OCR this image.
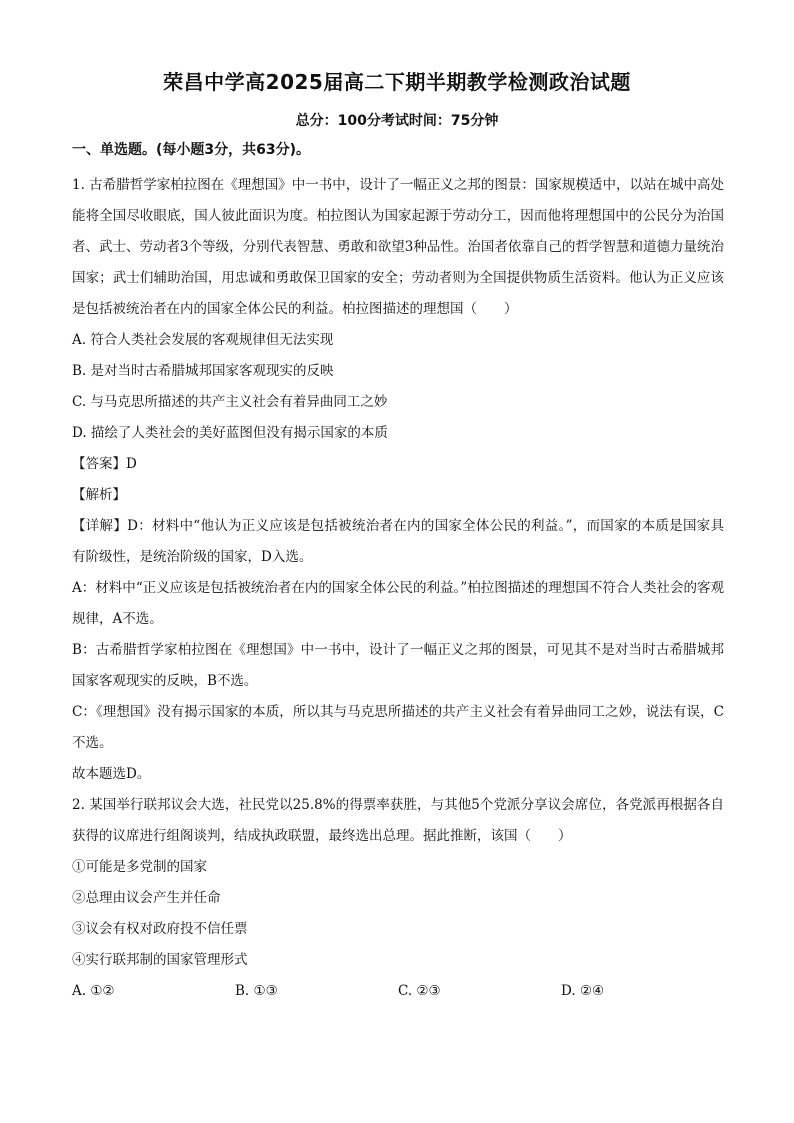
荣昌中学高2025届高二下期半期教学检测政治试题
总分：100分考试时间：75分钟
一、单选题。(每小题3分，共63分)。

1. 古希腊哲学家柏拉图在《理想国》中一书中，设计了一幅正义之邦的图景：国家规模适中，以站在城中高处能将全国尽收眼底，国人彼此面识为度。柏拉图认为国家起源于劳动分工，因而他将理想国中的公民分为治国者、武士、劳动者3个等级，分别代表智慧、勇敢和欲望3种品性。治国者依靠自己的哲学智慧和道德力量统治国家；武士们辅助治国，用忠诚和勇敢保卫国家的安全；劳动者则为全国提供物质生活资料。他认为正义应该是包括被统治者在内的国家全体公民的利益。柏拉图描述的理想国（　　）

A. 符合人类社会发展的客观规律但无法实现

B. 是对当时古希腊城邦国家客观现实的反映

C. 与马克思所描述的共产主义社会有着异曲同工之妙

D. 描绘了人类社会的美好蓝图但没有揭示国家的本质

【答案】D

【解析】

【详解】D：材料中“他认为正义应该是包括被统治者在内的国家全体公民的利益。”，而国家的本质是国家具有阶级性，是统治阶级的国家，D入选。

A：材料中“正义应该是包括被统治者在内的国家全体公民的利益。”柏拉图描述的理想国不符合人类社会的客观规律，A不选。

B：古希腊哲学家柏拉图在《理想国》中一书中，设计了一幅正义之邦的图景，可见其不是对当时古希腊城邦国家客观现实的反映，B不选。

C：《理想国》没有揭示国家的本质，所以其与马克思所描述的共产主义社会有着异曲同工之妙，说法有误，C不选。

故本题选D。

2. 某国举行联邦议会大选，社民党以25.8%的得票率获胜，与其他5个党派分享议会席位，各党派再根据各自获得的议席进行组阁谈判，结成执政联盟，最终选出总理。据此推断，该国（　　）

①可能是多党制的国家

②总理由议会产生并任命

③议会有权对政府投不信任票

④实行联邦制的国家管理形式

A. ①②	B. ①③	C. ②③	D. ②④
